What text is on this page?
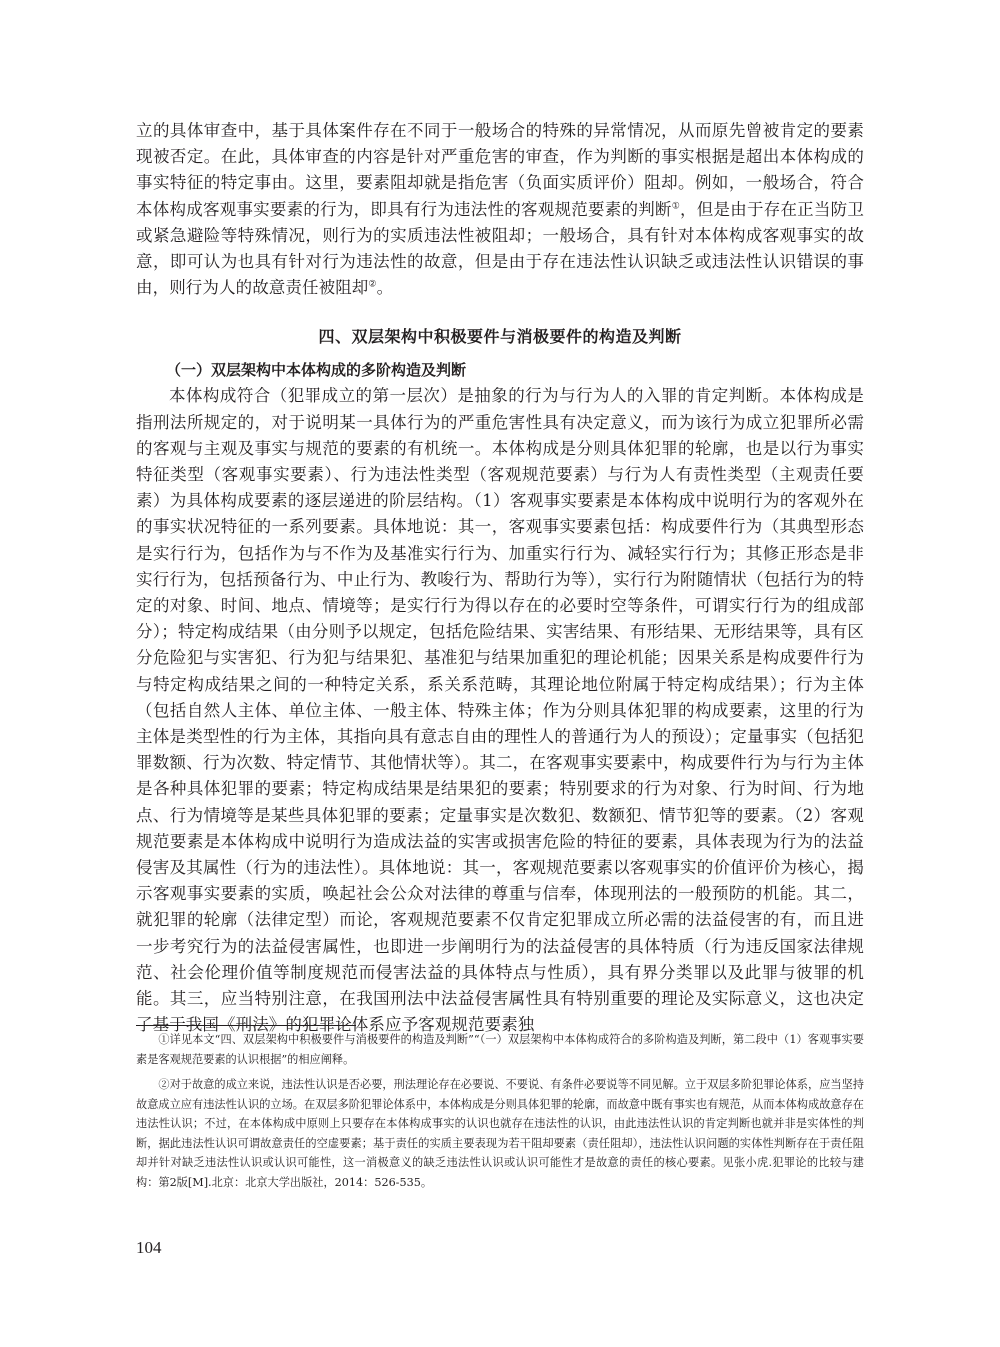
立的具体审查中，基于具体案件存在不同于一般场合的特殊的异常情况，从而原先曾被肯定的要素现被否定。在此，具体审查的内容是针对严重危害的审查，作为判断的事实根据是超出本体构成的事实特征的特定事由。这里，要素阻却就是指危害（负面实质评价）阻却。例如，一般场合，符合本体构成客观事实要素的行为，即具有行为违法性的客观规范要素的判断①，但是由于存在正当防卫或紧急避险等特殊情况，则行为的实质违法性被阻却；一般场合，具有针对本体构成客观事实的故意，即可认为也具有针对行为违法性的故意，但是由于存在违法性认识缺乏或违法性认识错误的事由，则行为人的故意责任被阻却②。

四、双层架构中积极要件与消极要件的构造及判断
（一）双层架构中本体构成的多阶构造及判断

本体构成符合（犯罪成立的第一层次）是抽象的行为与行为人的入罪的肯定判断。本体构成是指刑法所规定的，对于说明某一具体行为的严重危害性具有决定意义，而为该行为成立犯罪所必需的客观与主观及事实与规范的要素的有机统一。本体构成是分则具体犯罪的轮廓，也是以行为事实特征类型（客观事实要素）、行为违法性类型（客观规范要素）与行为人有责性类型（主观责任要素）为具体构成要素的逐层递进的阶层结构。（1）客观事实要素是本体构成中说明行为的客观外在的事实状况特征的一系列要素。具体地说：其一，客观事实要素包括：构成要件行为（其典型形态是实行行为，包括作为与不作为及基准实行行为、加重实行行为、减轻实行行为；其修正形态是非实行行为，包括预备行为、中止行为、教唆行为、帮助行为等），实行行为附随情状（包括行为的特定的对象、时间、地点、情境等；是实行行为得以存在的必要时空等条件，可谓实行行为的组成部分）；特定构成结果（由分则予以规定，包括危险结果、实害结果、有形结果、无形结果等，具有区分危险犯与实害犯、行为犯与结果犯、基准犯与结果加重犯的理论机能；因果关系是构成要件行为与特定构成结果之间的一种特定关系，系关系范畴，其理论地位附属于特定构成结果）；行为主体（包括自然人主体、单位主体、一般主体、特殊主体；作为分则具体犯罪的构成要素，这里的行为主体是类型性的行为主体，其指向具有意志自由的理性人的普通行为人的预设）；定量事实（包括犯罪数额、行为次数、特定情节、其他情状等）。其二，在客观事实要素中，构成要件行为与行为主体是各种具体犯罪的要素；特定构成结果是结果犯的要素；特别要求的行为对象、行为时间、行为地点、行为情境等是某些具体犯罪的要素；定量事实是次数犯、数额犯、情节犯等的要素。（2）客观规范要素是本体构成中说明行为造成法益的实害或损害危险的特征的要素，具体表现为行为的法益侵害及其属性（行为的违法性）。具体地说：其一，客观规范要素以客观事实的价值评价为核心，揭示客观事实要素的实质，唤起社会公众对法律的尊重与信奉，体现刑法的一般预防的机能。其二，就犯罪的轮廓（法律定型）而论，客观规范要素不仅肯定犯罪成立所必需的法益侵害的有，而且进一步考究行为的法益侵害属性，也即进一步阐明行为的法益侵害的具体特质（行为违反国家法律规范、社会伦理价值等制度规范而侵害法益的具体特点与性质），具有界分类罪以及此罪与彼罪的机能。其三，应当特别注意，在我国刑法中法益侵害属性具有特别重要的理论及实际意义，这也决定了基于我国《刑法》的犯罪论体系应予客观规范要素独

①详见本文“四、双层架构中积极要件与消极要件的构造及判断”“（一）双层架构中本体构成符合的多阶构造及判断，第二段中（1）客观事实要素是客观规范要素的认识根据”的相应阐释。

②对于故意的成立来说，违法性认识是否必要，刑法理论存在必要说、不要说、有条件必要说等不同见解。立于双层多阶犯罪论体系，应当坚持故意成立应有违法性认识的立场。在双层多阶犯罪论体系中，本体构成是分则具体犯罪的轮廓，而故意中既有事实也有规范，从而本体构成故意存在违法性认识；不过，在本体构成中原则上只要存在本体构成事实的认识也就存在违法性的认识，由此违法性认识的肯定判断也就并非是实体性的判断，据此违法性认识可谓故意责任的空虚要素；基于责任的实质主要表现为若干阻却要素（责任阻却），违法性认识问题的实体性判断存在于责任阻却并针对缺乏违法性认识或认识可能性，这一消极意义的缺乏违法性认识或认识可能性才是故意的责任的核心要素。见张小虎.犯罪论的比较与建构：第2版[M].北京：北京大学出版社，2014：526-535。

104
